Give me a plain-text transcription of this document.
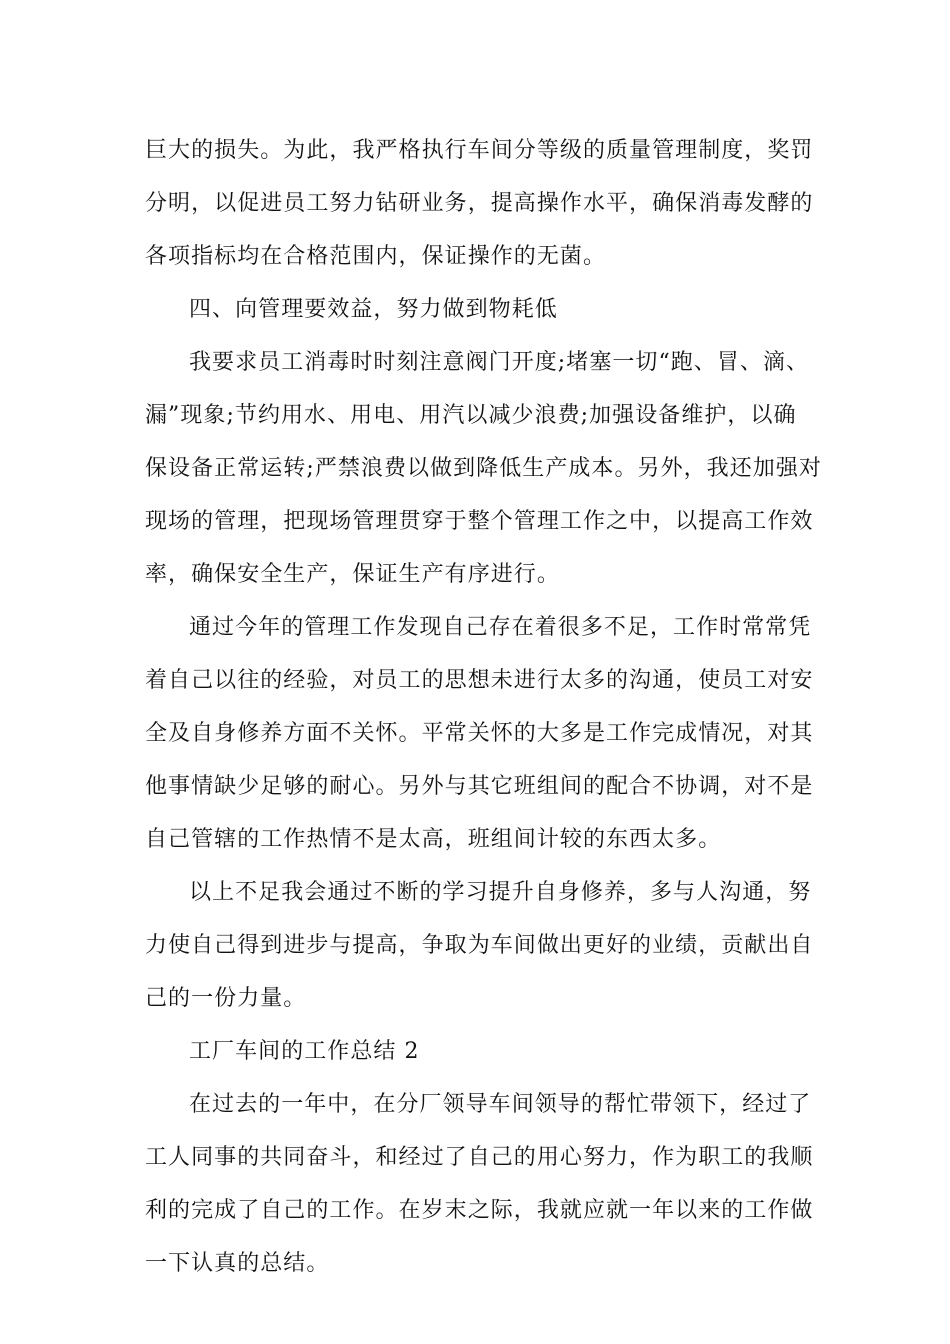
巨大的损失。为此，我严格执行车间分等级的质量管理制度，奖罚
分明，以促进员工努力钻研业务，提高操作水平，确保消毒发酵的
各项指标均在合格范围内，保证操作的无菌。
四、向管理要效益，努力做到物耗低
我要求员工消毒时时刻注意阀门开度;堵塞一切“跑、冒、滴、
漏”现象;节约用水、用电、用汽以减少浪费;加强设备维护，以确
保设备正常运转;严禁浪费以做到降低生产成本。另外，我还加强对
现场的管理，把现场管理贯穿于整个管理工作之中，以提高工作效
率，确保安全生产，保证生产有序进行。
通过今年的管理工作发现自己存在着很多不足，工作时常常凭
着自己以往的经验，对员工的思想未进行太多的沟通，使员工对安
全及自身修养方面不关怀。平常关怀的大多是工作完成情况，对其
他事情缺少足够的耐心。另外与其它班组间的配合不协调，对不是
自己管辖的工作热情不是太高，班组间计较的东西太多。
以上不足我会通过不断的学习提升自身修养，多与人沟通，努
力使自己得到进步与提高，争取为车间做出更好的业绩，贡献出自
己的一份力量。
工厂车间的工作总结 2
在过去的一年中，在分厂领导车间领导的帮忙带领下，经过了
工人同事的共同奋斗，和经过了自己的用心努力，作为职工的我顺
利的完成了自己的工作。在岁末之际，我就应就一年以来的工作做
一下认真的总结。
